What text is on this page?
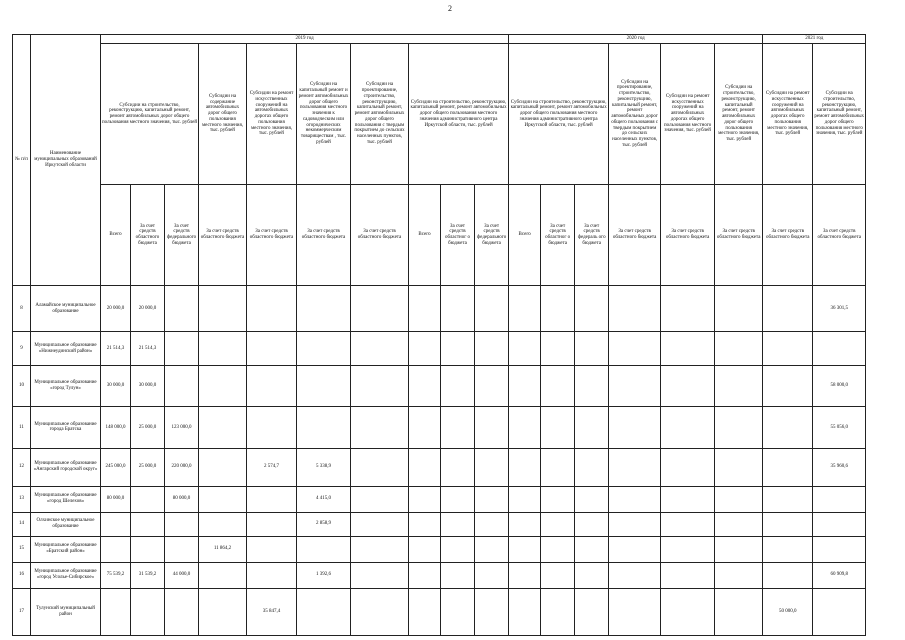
2
№ п/п	Наименование муниципальных образований Иркутской области	2019 год										2020 год						2021 год		
		Субсидии на строительство, реконструкцию, капитальный ремонт, ремонт автомобильных дорог общего пользования местного значения, тыс. рублей			Субсидии на содержание автомобильных дорог общего пользования местного значения, тыс. рублей	Субсидии на ремонт искусственных сооружений на автомобильных дорогах общего пользования местного значения, тыс. рублей	Субсидии на капитальный ремонт и ремонт автомобильных дорог общего пользования местного значения к садоводческим или огороднических некоммерческим товариществам , тыс. рублей	Субсидии на проектирование, строительство, реконструкцию, капитальный ремонт, ремонт автомобильных дорог общего пользования с твердым покрытием до сельских населенных пунктов, тыс. рублей	Субсидии на строительство, реконструкцию, капитальный ремонт, ремонт автомобильных дорог общего пользования местного значения административного центра Иркутской области, тыс. рублей			Субсидии на строительство, реконструкцию, капитальный ремонт, ремонт автомобильных дорог общего пользования местного значения административного центра Иркутской области, тыс. рублей			Субсидии на проектирование, строительство, реконструкцию, капитальный ремонт, ремонт автомобильных дорог общего пользования с твердым покрытием до сельских населенных пунктов, тыс. рублей	Субсидии на ремонт искусственных сооружений на автомобильных дорогах общего пользования местного значения, тыс. рублей	Субсидии на строительство, реконструкцию, капитальный ремонт, ремонт автомобильных дорог общего пользования местного значения, тыс. рублей	Субсидии на ремонт искусственных сооружений на автомобильных дорогах общего пользования местного значения, тыс. рублей	Субсидии на строительство, реконструкцию, капитальный ремонт, ремонт автомобильных дорог общего пользования местного значения, тыс. рублей	
		Всего	За счет средств областного бюджета	За счет средств федерального бюджета	За счет средств областного бюджета	За счет средств областного бюджета	За счет средств областного бюджета	За счет средств областного бюджета	Всего	За счет средств областног о бюджета	За счет средств федерального бюджета	Всего	За счет средств областног о бюджета	За счет средств федераль ого бюджета	За счет средств областного бюджета	За счет средств областного бюджета	За счет средств областного бюджета	За счет средств областного бюджета	За счет средств областного бюджета	
8	Аламайское муниципальное образование	20 000,0	20 000,0																36 301,5		
9	Муниципальное образование «Нижнеудинский район»	21 514,3	21 514,3																		
10	Муниципальное образование «город Тулун»	30 000,0	30 000,0																58 000,0		
11	Муниципальное образование города Братска	148 000,0	25 000,0	123 000,0															55 056,0		
12	Муниципальное образование «Ангарский городской округ»	245 000,0	25 000,0	220 000,0		2 574,7	5 338,9												35 960,6		
13	Муниципальное образование «город Шелехов»	80 000,0		80 000,0			4 415,0														
14	Олхинское муниципальное образование						2 858,9														
15	Муниципальное образование «Братский район»				11 864,2																
16	Муниципальное образование «город Усолье-Сибирское»	75 539,2	31 539,2	44 000,0			1 392,6												60 909,8		
17	Тулунский муниципальный район					35 847,4												50 000,0			
